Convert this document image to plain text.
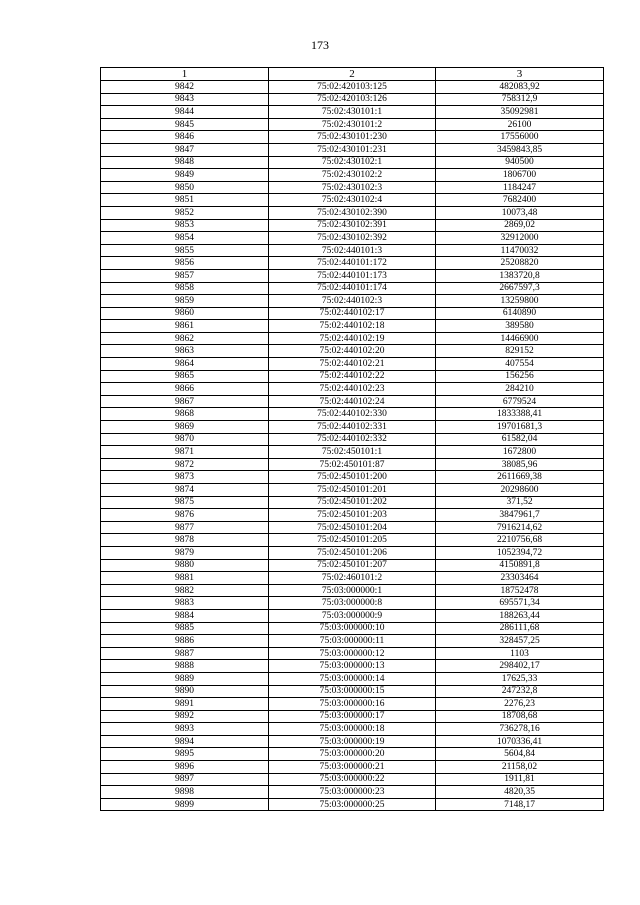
173
1	2	3
9842	75:02:420103:125	482083,92
9843	75:02:420103:126	758312,9
9844	75:02:430101:1	35092981
9845	75:02:430101:2	26100
9846	75:02:430101:230	17556000
9847	75:02:430101:231	3459843,85
9848	75:02:430102:1	940500
9849	75:02:430102:2	1806700
9850	75:02:430102:3	1184247
9851	75:02:430102:4	7682400
9852	75:02:430102:390	10073,48
9853	75:02:430102:391	2869,02
9854	75:02:430102:392	32912000
9855	75:02:440101:3	11470032
9856	75:02:440101:172	25208820
9857	75:02:440101:173	1383720,8
9858	75:02:440101:174	2667597,3
9859	75:02:440102:3	13259800
9860	75:02:440102:17	6140890
9861	75:02:440102:18	389580
9862	75:02:440102:19	14466900
9863	75:02:440102:20	829152
9864	75:02:440102:21	407554
9865	75:02:440102:22	156256
9866	75:02:440102:23	284210
9867	75:02:440102:24	6779524
9868	75:02:440102:330	1833388,41
9869	75:02:440102:331	19701681,3
9870	75:02:440102:332	61582,04
9871	75:02:450101:1	1672800
9872	75:02:450101:87	38085,96
9873	75:02:450101:200	2611669,38
9874	75:02:450101:201	20298600
9875	75:02:450101:202	371,52
9876	75:02:450101:203	3847961,7
9877	75:02:450101:204	7916214,62
9878	75:02:450101:205	2210756,68
9879	75:02:450101:206	1052394,72
9880	75:02:450101:207	4150891,8
9881	75:02:460101:2	23303464
9882	75:03:000000:1	18752478
9883	75:03:000000:8	695571,34
9884	75:03:000000:9	188263,44
9885	75:03:000000:10	286111,68
9886	75:03:000000:11	328457,25
9887	75:03:000000:12	1103
9888	75:03:000000:13	298402,17
9889	75:03:000000:14	17625,33
9890	75:03:000000:15	247232,8
9891	75:03:000000:16	2276,23
9892	75:03:000000:17	18708,68
9893	75:03:000000:18	736278,16
9894	75:03:000000:19	1070336,41
9895	75:03:000000:20	5604,84
9896	75:03:000000:21	21158,02
9897	75:03:000000:22	1911,81
9898	75:03:000000:23	4820,35
9899	75:03:000000:25	7148,17
